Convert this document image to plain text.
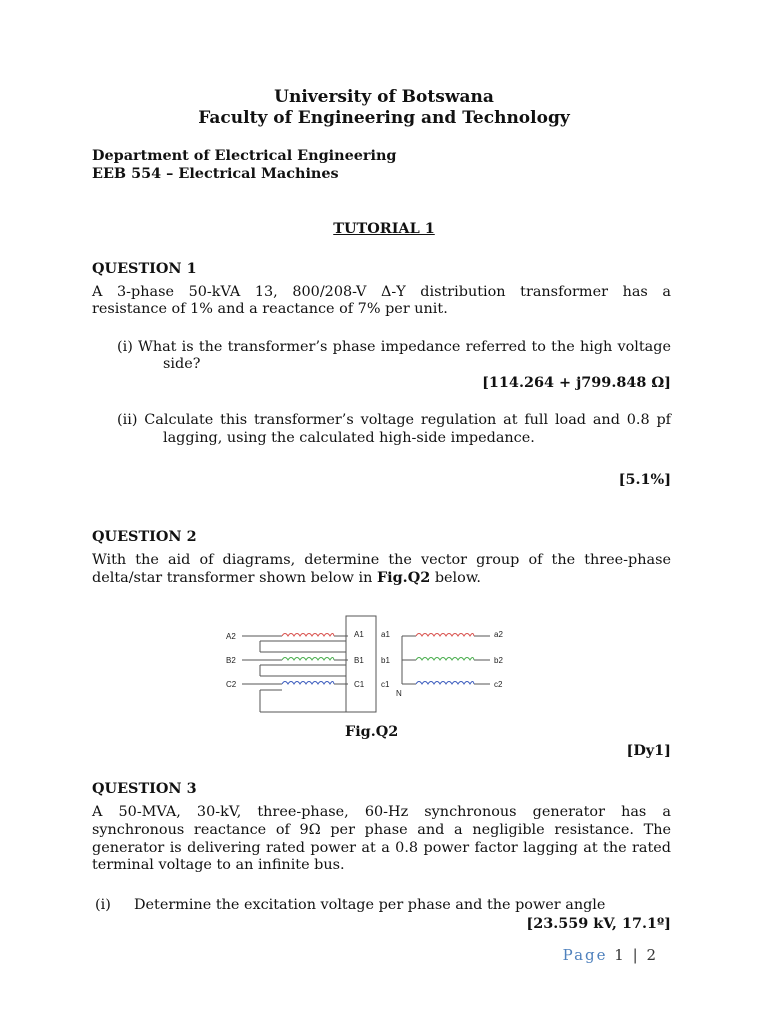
University of Botswana
Faculty of Engineering and Technology
Department of Electrical Engineering
EEB 554 – Electrical Machines
TUTORIAL 1
QUESTION 1
A 3-phase 50-kVA 13, 800/208-V Δ-Y distribution transformer has a
resistance of 1% and a reactance of 7% per unit.
(i) What is the transformer’s phase impedance referred to the high voltage
side?
[114.264 + j799.848 Ω]
(ii) Calculate this transformer’s voltage regulation at full load and 0.8 pf
lagging, using the calculated high-side impedance.
[5.1%]
QUESTION 2
With the aid of diagrams, determine the vector group of the three-phase
delta/star transformer shown below in Fig.Q2 below.
A2
B2
C2
A1
B1
C1
a1
b1
c1
N
a2
b2
c2
Fig.Q2
[Dy1]
QUESTION 3
A 50-MVA, 30-kV, three-phase, 60-Hz synchronous generator has a
synchronous reactance of 9Ω per phase and a negligible resistance. The
generator is delivering rated power at a 0.8 power factor lagging at the rated
terminal voltage to an infinite bus.
(i) Determine the excitation voltage per phase and the power angle
[23.559 kV, 17.1º]
Page 1 | 2
